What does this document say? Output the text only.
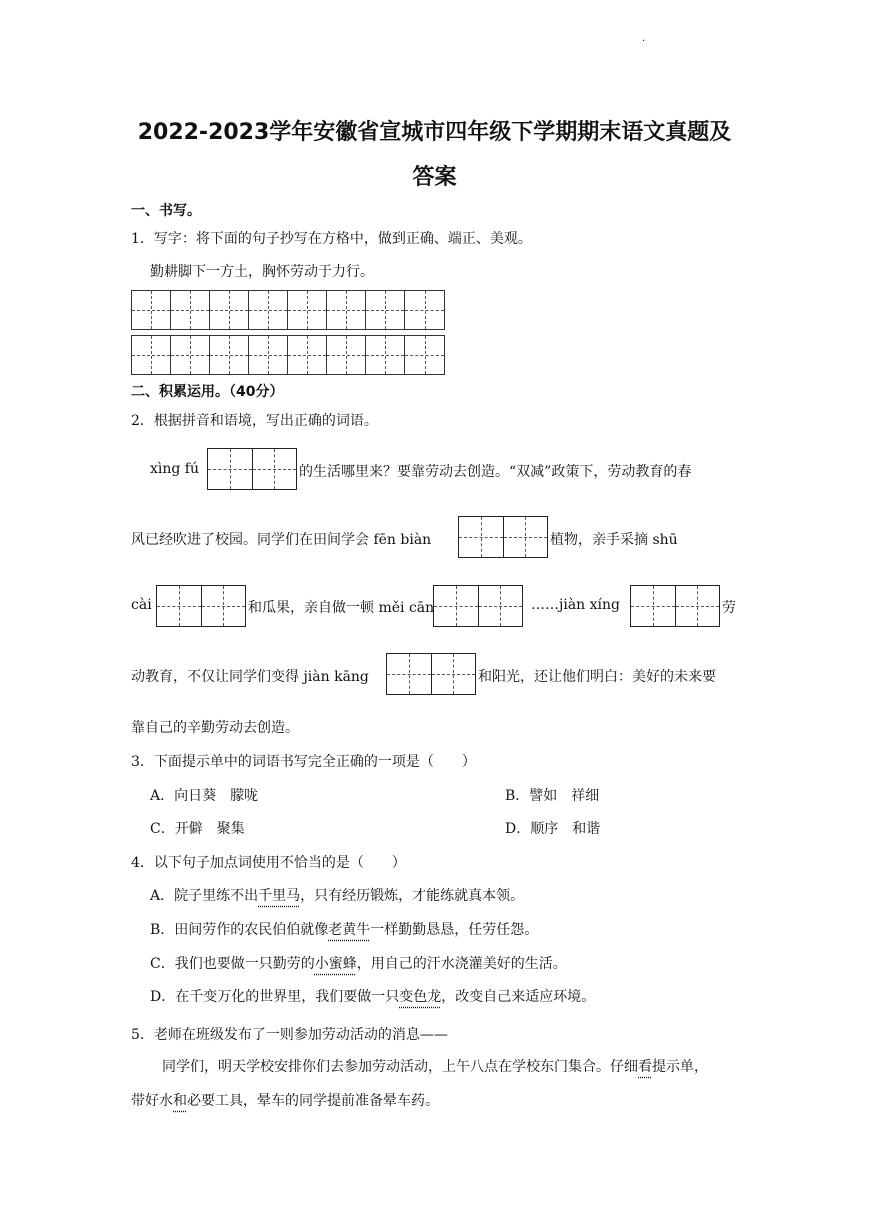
·
2022-2023学年安徽省宣城市四年级下学期期末语文真题及
答案
一、书写。
1．写字：将下面的句子抄写在方格中，做到正确、端正、美观。
勤耕脚下一方土，胸怀劳动于力行。
二、积累运用。（40分）
2．根据拼音和语境，写出正确的词语。
xìng fú	的生活哪里来？要靠劳动去创造。“双减”政策下，劳动教育的春
风已经吹进了校园。同学们在田间学会 fēn biàn	植物，亲手采摘 shū
cài	和瓜果，亲自做一顿 měi cān	……jiàn xíng	劳
动教育，不仅让同学们变得 jiàn kāng	和阳光，还让他们明白：美好的未来要
靠自己的辛勤劳动去创造。
3．下面提示单中的词语书写完全正确的一项是（　　）
A．向日葵　朦咙	B．譬如　祥细
C．开僻　聚集	D．顺序　和谐
4．以下句子加点词使用不恰当的是（　　）
A．院子里练不出千里马，只有经历锻炼，才能练就真本领。
B．田间劳作的农民伯伯就像老黄牛一样勤勤恳恳，任劳任怨。
C．我们也要做一只勤劳的小蜜蜂，用自己的汗水浇灌美好的生活。
D．在千变万化的世界里，我们要做一只变色龙，改变自己来适应环境。
5．老师在班级发布了一则参加劳动活动的消息——
同学们，明天学校安排你们去参加劳动活动，上午八点在学校东门集合。仔细看提示单，
带好水和必要工具，晕车的同学提前准备晕车药。
